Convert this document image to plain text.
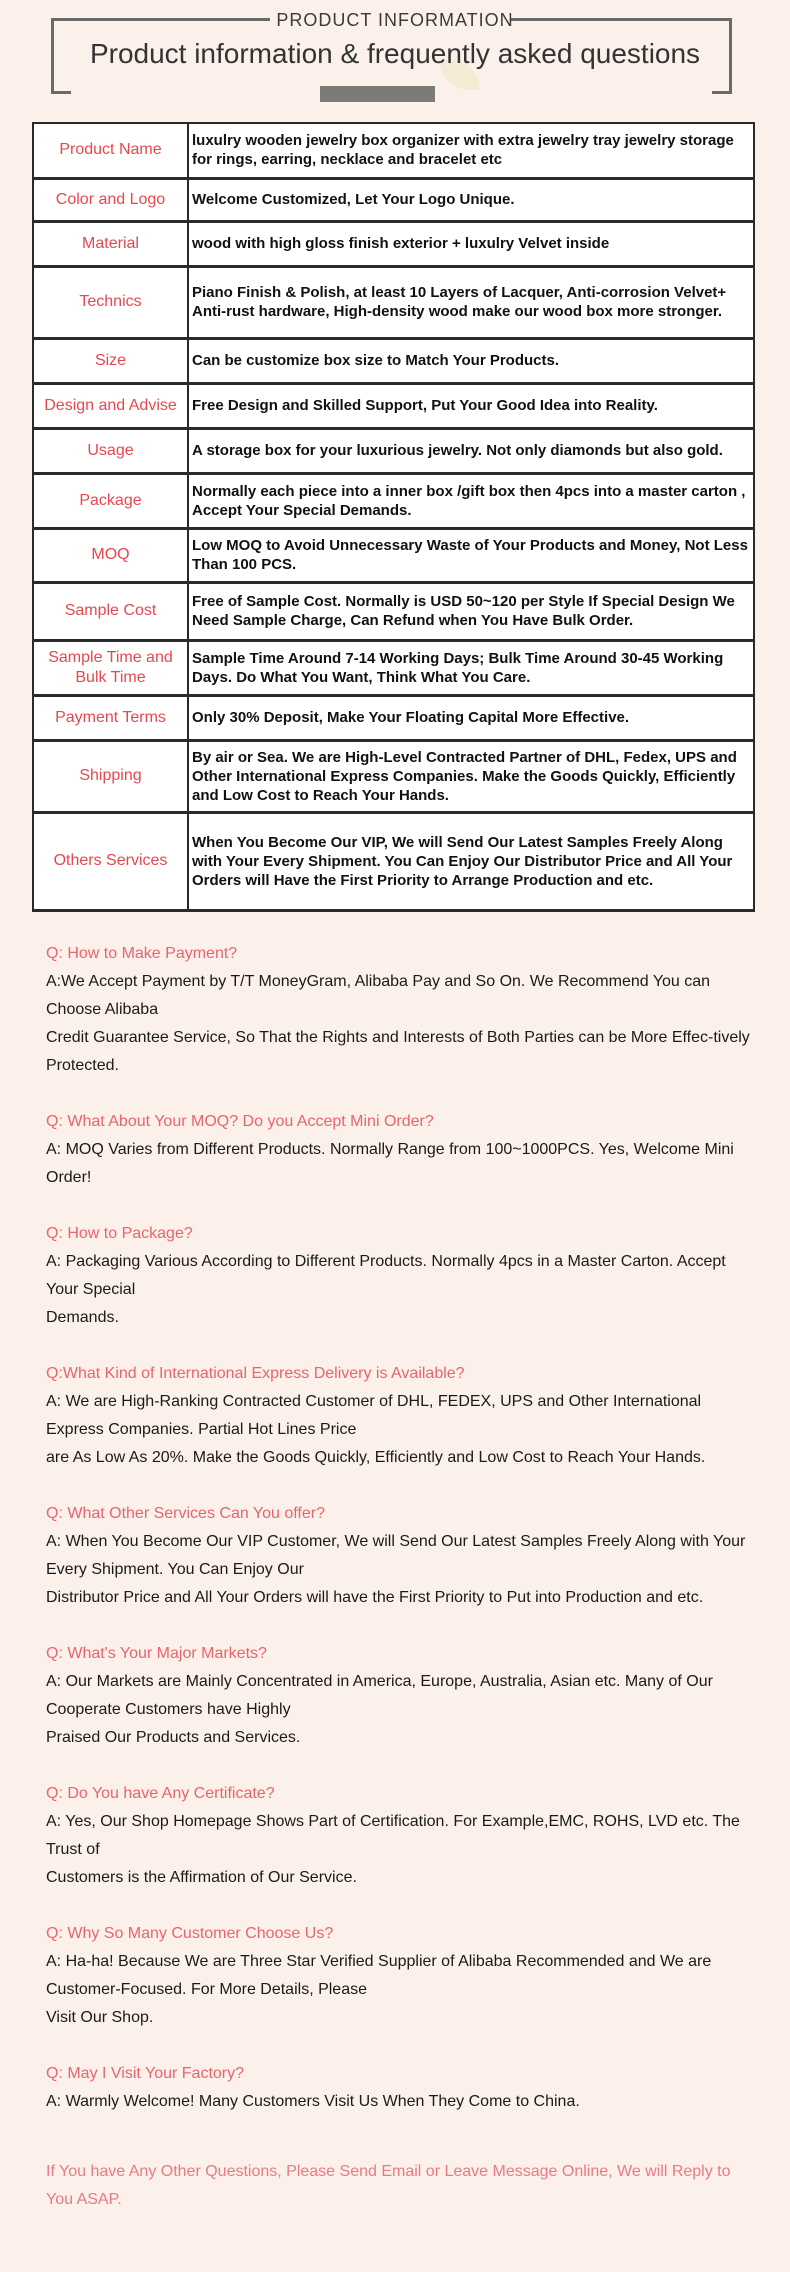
PRODUCT INFORMATION
Product information & frequently asked questions
Product Name	luxulry wooden jewelry box organizer with extra jewelry tray jewelry storage for rings, earring, necklace and bracelet etc
Color and Logo	Welcome Customized, Let Your Logo Unique.
Material	wood with high gloss finish exterior + luxulry Velvet inside
Technics	Piano Finish & Polish, at least 10 Layers of Lacquer, Anti-corrosion Velvet+ Anti-rust hardware, High-density wood make our wood box more stronger.
Size	Can be customize box size to Match Your Products.
Design and Advise	Free Design and Skilled Support, Put Your Good Idea into Reality.
Usage	A storage box for your luxurious jewelry. Not only diamonds but also gold.
Package	Normally each piece into a inner box /gift box then 4pcs into a master carton , Accept Your Special Demands.
MOQ	Low MOQ to Avoid Unnecessary Waste of Your Products and Money, Not Less Than 100 PCS.
Sample Cost	Free of Sample Cost. Normally is USD 50~120 per Style If Special Design We Need Sample Charge, Can Refund when You Have Bulk Order.
Sample Time and Bulk Time	Sample Time Around 7-14 Working Days; Bulk Time Around 30-45 Working Days. Do What You Want, Think What You Care.
Payment Terms	Only 30% Deposit, Make Your Floating Capital More Effective.
Shipping	By air or Sea. We are High-Level Contracted Partner of DHL, Fedex, UPS and Other International Express Companies. Make the Goods Quickly, Efficiently and Low Cost to Reach Your Hands.
Others Services	When You Become Our VIP, We will Send Our Latest Samples Freely Along with Your Every Shipment. You Can Enjoy Our Distributor Price and All Your Orders will Have the First Priority to Arrange Production and etc.
Q: How to Make Payment?
A:We Accept Payment by T/T MoneyGram, Alibaba Pay and So On. We Recommend You can Choose Alibaba
Credit Guarantee Service, So That the Rights and Interests of Both Parties can be More Effec-tively Protected.
Q: What About Your MOQ? Do you Accept Mini Order?
A: MOQ Varies from Different Products. Normally Range from 100~1000PCS. Yes, Welcome Mini Order!
Q: How to Package?
A: Packaging Various According to Different Products. Normally 4pcs in a Master Carton. Accept Your Special
Demands.
Q:What Kind of International Express Delivery is Available?
A: We are High-Ranking Contracted Customer of DHL, FEDEX, UPS and Other International Express Companies. Partial Hot Lines Price
are As Low As 20%. Make the Goods Quickly, Efficiently and Low Cost to Reach Your Hands.
Q: What Other Services Can You offer?
A: When You Become Our VIP Customer, We will Send Our Latest Samples Freely Along with Your Every Shipment. You Can Enjoy Our
Distributor Price and All Your Orders will have the First Priority to Put into Production and etc.
Q: What's Your Major Markets?
A: Our Markets are Mainly Concentrated in America, Europe, Australia, Asian etc. Many of Our Cooperate Customers have Highly
Praised Our Products and Services.
Q: Do You have Any Certificate?
A: Yes, Our Shop Homepage Shows Part of Certification. For Example,EMC, ROHS, LVD etc. The Trust of
Customers is the Affirmation of Our Service.
Q: Why So Many Customer Choose Us?
A: Ha-ha! Because We are Three Star Verified Supplier of Alibaba Recommended and We are Customer-Focused. For More Details, Please
Visit Our Shop.
Q: May I Visit Your Factory?
A: Warmly Welcome! Many Customers Visit Us When They Come to China.
If You have Any Other Questions, Please Send Email or Leave Message Online, We will Reply to You ASAP.
